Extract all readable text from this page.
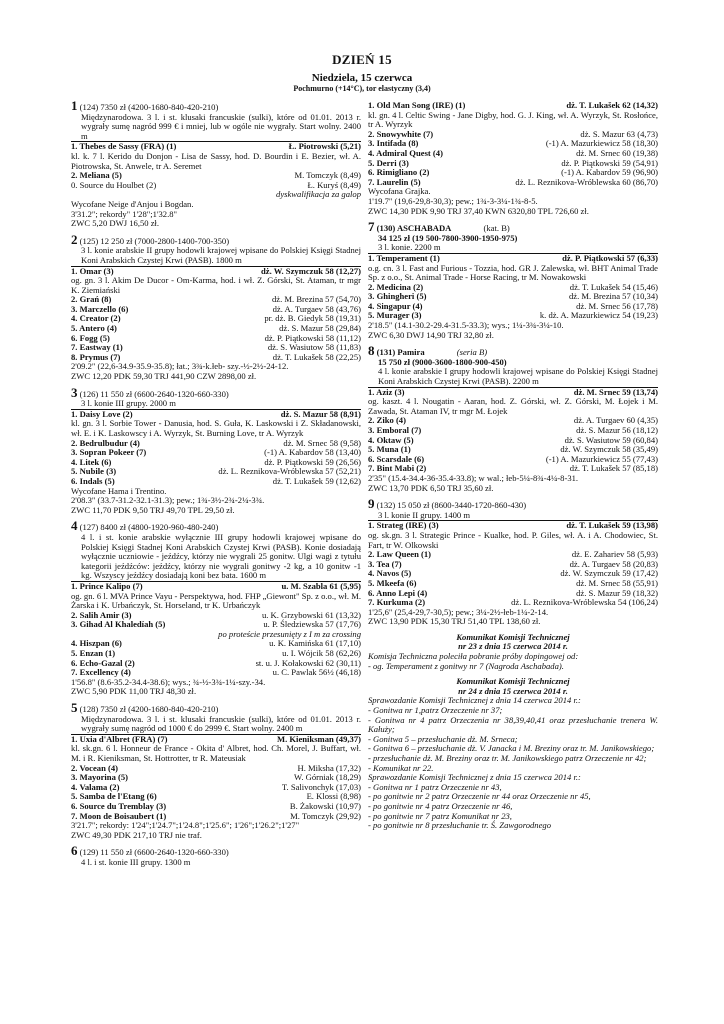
DZIEŃ 15
Niedziela, 15 czerwca
Pochmurno (+14°C), tor elastyczny (3,4)
1 (124) 7350 zł (4200-1680-840-420-210)
Międzynarodowa. 3 l. i st. klusaki francuskie (sulki), które od 01.01. 2013 r. wygrały sumę nagród 999 € i mniej, lub w ogóle nie wygrały. Start wolny. 2400 m
1. Thebes de Sassy (FRA) (1)	Ł. Piotrowski (5,21)
kl. k. 7 l. Kerido du Donjon - Lisa de Sassy, hod. D. Bourdin i E. Bezier, wł. A. Piotrowska, St. Anwele, tr A. Seremet
2. Meliana (5)	M. Tomczyk (8,49)
0. Source du Houlbet (2)	Ł. Kuryś (8,49)
dyskwalifikacja za galop
Wycofane Neige d'Anjou i Bogdan.
3'31.2"; rekordy" 1'28";1'32.8"
ZWC 5,20 DWJ 16,50 zł.
2 (125) 12 250 zł (7000-2800-1400-700-350)
3 l. konie arabskie II grupy hodowli krajowej wpisane do Polskiej Księgi Stadnej Koni Arabskich Czystej Krwi (PASB). 1800 m
1. Omar (3)	dż. W. Szymczuk 58 (12,27)
og. gn. 3 l. Akim De Ducor - Om-Karma, hod. i wł. Z. Górski, St. Ataman, tr mgr K. Ziemiański
2. Grań (8)	dż. M. Brezina 57 (54,70)
3. Marczello (6)	dż. A. Turgaev 58 (43,76)
4. Creator (2)	pr. dż. B. Giedyk 58 (19,31)
5. Antero (4)	dż. S. Mazur 58 (29,84)
6. Fogg (5)	dż. P. Piątkowski 58 (11,12)
7. Eastway (1)	dż. S. Wasiutow 58 (11,83)
8. Prymus (7)	dż. T. Lukašek 58 (22,25)
2'09.2" (22,6-34.9-35.9-35.8); łat.; 3¾-k.łeb- szy.-½-2½-24-12.
ZWC 12,20 PDK 59,30 TRJ 441,90 CZW 2898,00 zł.
3 (126) 11 550 zł (6600-2640-1320-660-330)
3 l. konie III grupy. 2000 m
1. Daisy Love (2)	dż. S. Mazur 58 (8,91)
kl. gn. 3 l. Sorbie Tower - Danusia, hod. S. Guła, K. Laskowski i Z. Składanowski, wł. E. i K. Laskowscy i A. Wyrzyk, St. Burning Love, tr A. Wyrzyk
2. Bedrulbudur (4)	dż. M. Srnec 58 (9,58)
3. Sopran Pokeer (7)	(-1) A. Kabardov 58 (13,40)
4. Litek (6)	dż. P. Piątkowski 59 (26,56)
5. Nubile (3)	dż. L. Reznikova-Wróblewska 57 (52,21)
6. Indals (5)	dż. T. Lukašek 59 (12,62)
Wycofane Hama i Trentino.
2'08.3" (33.7-31.2-32.1-31.3); pew.; 1¾-3½-2¾-2¼-3¾.
ZWC 11,70 PDK 9,50 TRJ 49,70 TPL 29,50 zł.
4 (127) 8400 zł (4800-1920-960-480-240)
4 l. i st. konie arabskie wyłącznie III grupy hodowli krajowej wpisane do Polskiej Księgi Stadnej Koni Arabskich Czystej Krwi (PASB). Konie dosiadają wyłącznie uczniowie - jeźdźcy, którzy nie wygrali 25 gonitw. Ulgi wagi z tytułu kategorii jeźdźców: jeźdźcy, którzy nie wygrali gonitwy -2 kg, a 10 gonitw -1 kg. Wszyscy jeźdźcy dosiadają koni bez bata. 1600 m
1. Prince Kalipo (7)	u. M. Szabla 61 (5,95)
og. gn. 6 l. MVA Prince Vayu - Perspektywa, hod. FHP „Giewont" Sp. z o.o., wł. M. Żarska i K. Urbańczyk, St. Horseland, tr K. Urbańczyk
2. Salih Amir (3)	u. K. Grzybowski 61 (13,32)
3. Gihad Al Khaledíah (5)	u. P. Śledziewska 57 (17,76)
po proteście przesunięty z I m za crossing
4. Hiszpan (6)	u. K. Kamińska 61 (17,10)
5. Enzan (1)	u. I. Wójcik 58 (62,26)
6. Echo-Gazal (2)	st. u. J. Kołakowski 62 (30,11)
7. Excellency (4)	u. C. Pawlak 56½ (46,18)
1'56.8" (8.6-35.2-34.4-38.6); wys.; ¾-½-3¾-1¼-szy.-34.
ZWC 5,90 PDK 11,00 TRJ 48,30 zł.
5 (128) 7350 zł (4200-1680-840-420-210)
Międzynarodowa. 3 l. i st. klusaki francuskie (sulki), które od 01.01. 2013 r. wygrały sumę nagród od 1000 € do 2999 €. Start wolny. 2400 m
1. Uxia d'Albret (FRA) (7)	M. Kieniksman (49,37)
kl. sk.gn. 6 l. Honneur de France - Okita d' Albret, hod. Ch. Morel, J. Buffart, wł. M. i R. Kieniksman, St. Hottrotter, tr R. Mateusiak
2. Vocean (4)	H. Miksha (17,32)
3. Mayorina (5)	W. Górniak (18,29)
4. Valama (2)	T. Salivonchyk (17,03)
5. Samba de l'Etang (6)	E. Klossi (8,98)
6. Source du Tremblay (3)	B. Żakowski (10,97)
7. Moon de Boisaubert (1)	M. Tomczyk (29,92)
3'21.7"; rekordy: 1'24";1'24.7";1'24.8";1'25.6"; 1'26";1'26.2";1'27"
ZWC 49,30 PDK 217,10 TRJ nie traf.
6 (129) 11 550 zł (6600-2640-1320-660-330)
4 l. i st. konie III grupy. 1300 m
1. Old Man Song (IRE) (1)	dż. T. Lukašek 62 (14,32)
kl. gn. 4 l. Celtic Swing - Jane Digby, hod. G. J. King, wł. A. Wyrzyk, St. Rosłońce, tr A. Wyrzyk
2. Snowywhite (7)	dż. S. Mazur 63 (4,73)
3. Intifada (8)	(-1) A. Mazurkiewicz 58 (18,30)
4. Admiral Quest (4)	dż. M. Srnec 60 (19,38)
5. Derri (3)	dż. P. Piątkowski 59 (54,91)
6. Rimigliano (2)	(-1) A. Kabardov 59 (96,90)
7. Laurelin (5)	dż. L. Reznikova-Wróblewska 60 (86,70)
Wycofana Grajka.
1'19.7" (19,6-29,8-30,3); pew.; 1¾-3-3¼-1¾-8-5.
ZWC 14,30 PDK 9,90 TRJ 37,40 KWN 6320,80 TPL 726,60 zł.
7 (130) ASCHABADA	(kat. B)
34 125 zł (19 500-7800-3900-1950-975)
3 l. konie. 2200 m
1. Temperament (1)	dż. P. Piątkowski 57 (6,33)
o.g. cn. 3 l. Fast and Furious - Tozzia, hod. GR J. Zalewska, wł. BHT Animal Trade Sp. z o.o., St. Animal Trade - Horse Racing, tr M. Nowakowski
2. Medicina (2)	dż. T. Lukašek 54 (15,46)
3. Ghingheri (5)	dż. M. Brezina 57 (10,34)
4. Singapur (4)	dż. M. Srnec 56 (17,78)
5. Murager (3)	k. dż. A. Mazurkiewicz 54 (19,23)
2'18.5" (14.1-30.2-29.4-31.5-33.3); wys.; 1¼-3¾-3¼-10.
ZWC 6,30 DWJ 14,90 TRJ 32,80 zł.
8 (131) Pamira	(seria B)
15 750 zł (9000-3600-1800-900-450)
4 l. konie arabskie I grupy hodowli krajowej wpisane do Polskiej Księgi Stadnej Koni Arabskich Czystej Krwi (PASB). 2200 m
1. Aziz (3)	dż. M. Srnec 59 (13,74)
og. kaszt. 4 l. Nougatin - Aaran, hod. Z. Górski, wł. Z. Górski, M. Łojek i M. Zawada, St. Ataman IV, tr mgr M. Łojek
2. Ziko (4)	dż. A. Turgaev 60 (4,35)
3. Emboral (7)	dż. S. Mazur 56 (18,12)
4. Oktaw (5)	dż. S. Wasiutow 59 (60,84)
5. Muna (1)	dż. W. Szymczuk 58 (35,49)
6. Scarsdale (6)	(-1) A. Mazurkiewicz 55 (77,43)
7. Bint Mabi (2)	dż. T. Lukašek 57 (85,18)
2'35" (15.4-34.4-36-35.4-33.8); w wal.; łeb-5¼-8¾-4¼-8-31.
ZWC 13,70 PDK 6,50 TRJ 35,60 zł.
9 (132) 15 050 zł (8600-3440-1720-860-430)
3 l. konie II grupy. 1400 m
1. Strateg (IRE) (3)	dż. T. Lukašek 59 (13,98)
og. sk.gn. 3 l. Strategic Prince - Kualke, hod. P. Giles, wł. A. i A. Chodowiec, St. Fart, tr W. Olkowski
2. Law Queen (1)	dż. E. Zahariev 58 (5,93)
3. Tea (7)	dż. A. Turgaev 58 (20,83)
4. Navos (5)	dż. W. Szymczuk 59 (17,42)
5. Mkeefa (6)	dż. M. Srnec 58 (55,91)
6. Anno Lepi (4)	dż. S. Mazur 59 (18,32)
7. Kurkuma (2)	dż. L. Reznikova-Wróblewska 54 (106,24)
1'25,6" (25,4-29,7-30,5); pew.; 3¼-2½-łeb-1¼-2-14.
ZWC 13,90 PDK 15,30 TRJ 51,40 TPL 138,60 zł.
Komunikat Komisji Technicznej
nr 23 z dnia 15 czerwca 2014 r.
Komisja Techniczna poleciła pobranie próby dopingowej od:
- og. Temperament z gonitwy nr 7 (Nagroda Aschabada).
Komunikat Komisji Technicznej
nr 24 z dnia 15 czerwca 2014 r.
Sprawozdanie Komisji Technicznej z dnia 14 czerwca 2014 r.:
- Gonitwa nr 1,patrz Orzeczenie nr 37;
- Gonitwa nr 4 patrz Orzeczenia nr 38,39,40,41 oraz przesłuchanie trenera W. Kałuży;
- Gonitwa 5 – przesłuchanie dż. M. Srneca;
- Gonitwa 6 – przesłuchanie dż. V. Janacka i M. Breziny oraz tr. M. Janikowskiego;
- przesłuchanie dż. M. Breziny oraz tr. M. Janikowskiego patrz Orzeczenie nr 42;
- Komunikat nr 22.
Sprawozdanie Komisji Technicznej z dnia 15 czerwca 2014 r.:
- Gonitwa nr 1 patrz Orzeczenie nr 43,
- po gonitwie nr 2 patrz Orzeczenie nr 44 oraz Orzeczenie nr 45,
- po gonitwie nr 4 patrz Orzeczenie nr 46,
- po gonitwie nr 7 patrz Komunikat nr 23,
- po gonitwie nr 8 przesłuchanie tr. Ś. Zawgorodnego
